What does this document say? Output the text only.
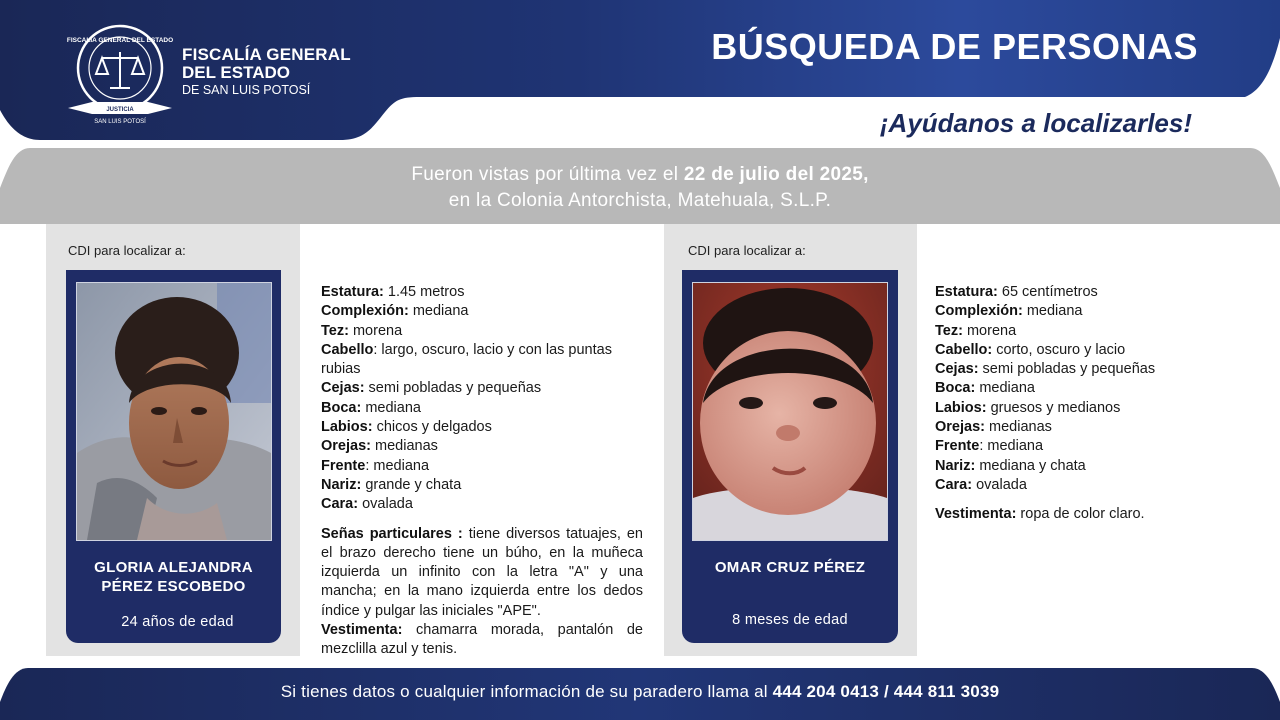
FISCALÍA GENERAL DEL ESTADO
JUSTICIA
SAN LUIS POTOSÍ
FISCALÍA GENERAL
DEL ESTADO
DE SAN LUIS POTOSÍ
BÚSQUEDA DE PERSONAS
¡Ayúdanos a localizarles!
Fueron vistas por última vez el 22 de julio del 2025,
en la Colonia Antorchista, Matehuala, S.L.P.
CDI para localizar a:
GLORIA ALEJANDRA
PÉREZ ESCOBEDO
24 años de edad

Estatura: 1.45 metros

Complexión: mediana

Tez: morena

Cabello: largo, oscuro, lacio y con las puntas rubias

Cejas: semi pobladas y pequeñas

Boca: mediana

Labios: chicos y delgados

Orejas: medianas

Frente: mediana

Nariz: grande y chata

Cara: ovalada

Señas particulares : tiene diversos tatuajes, en el brazo derecho tiene un búho, en la muñeca izquierda un infinito con la letra "A" y una mancha; en la mano izquierda entre los dedos índice y pulgar las iniciales "APE".

Vestimenta: chamarra morada, pantalón de mezclilla azul y tenis.

CDI para localizar a:
OMAR CRUZ PÉREZ
8 meses de edad

Estatura: 65 centímetros

Complexión: mediana

Tez: morena

Cabello: corto, oscuro y lacio

Cejas: semi pobladas y pequeñas

Boca: mediana

Labios: gruesos y medianos

Orejas: medianas

Frente: mediana

Nariz: mediana y chata

Cara: ovalada

Vestimenta: ropa de color claro.

Si tienes datos o cualquier información de su paradero llama al 444 204 0413 / 444 811 3039
